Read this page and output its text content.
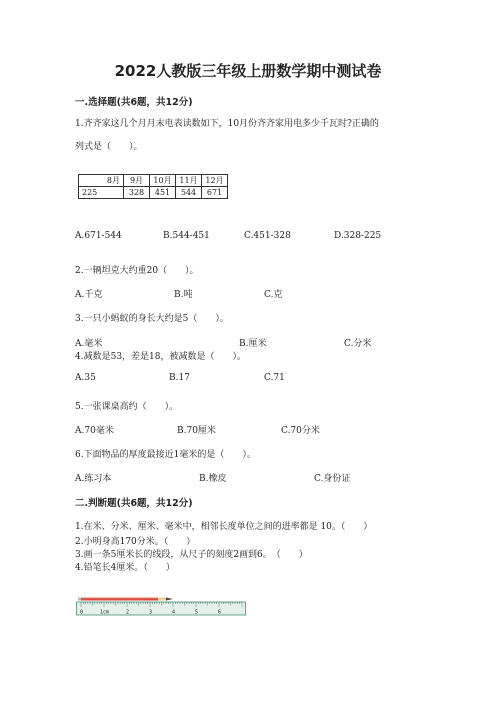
2022人教版三年级上册数学期中测试卷
一.选择题(共6题，共12分)
1.齐齐家这几个月月末电表读数如下，10月份齐齐家用电多少千瓦时?正确的
列式是（　　）。
8月	9月	10月	11月	12月
225	328	451	544	671
A.671-544	B.544-451	C.451-328	D.328-225
2.一辆坦克大约重20（　　）。
A.千克	B.吨	C.克
3.一只小蚂蚁的身长大约是5（　　）。
A.毫米	B.厘米	C.分米
4.减数是53，差是18，被减数是（　　）。
A.35	B.17	C.71
5.一张课桌高约（　　）。
A.70毫米	B.70厘米	C.70分米
6.下面物品的厚度最接近1毫米的是（　　）。
A.练习本	B.橡皮	C.身份证
二.判断题(共6题，共12分)
1.在米、分米、厘米、毫米中，相邻长度单位之间的进率都是 10。（　　）
2.小明身高170分米。（　　）
3.画一条5厘米长的线段，从尺子的刻度2画到6。　（　　）
4.铅笔长4厘米。（　　）
0	1cm	2	3	4	5	6
